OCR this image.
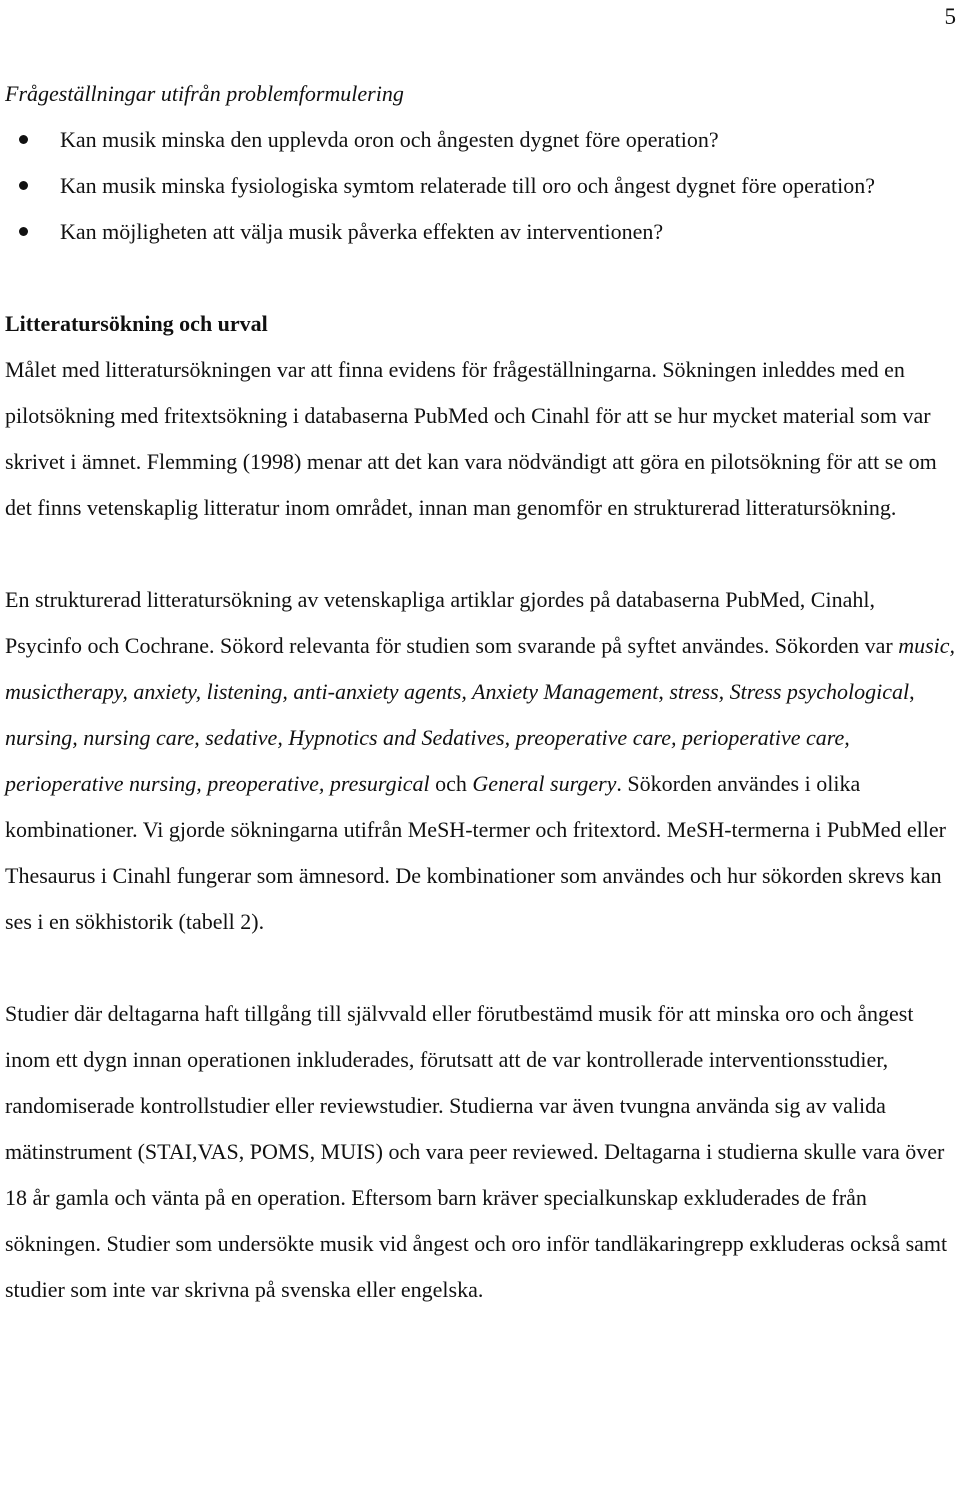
5

Frågeställningar utifrån problemformulering

Kan musik minska den upplevda oron och ångesten dygnet före operation?
Kan musik minska fysiologiska symtom relaterade till oro och ångest dygnet före operation?
Kan möjligheten att välja musik påverka effekten av interventionen?

Litteratursökning och urval

Målet med litteratursökningen var att finna evidens för frågeställningarna. Sökningen inleddes med en pilotsökning med fritextsökning i databaserna PubMed och Cinahl för att se hur mycket material som var skrivet i ämnet. Flemming (1998) menar att det kan vara nödvändigt att göra en pilotsökning för att se om det finns vetenskaplig litteratur inom området, innan man genomför en strukturerad litteratursökning.

En strukturerad litteratursökning av vetenskapliga artiklar gjordes på databaserna PubMed, Cinahl, Psycinfo och Cochrane. Sökord relevanta för studien som svarande på syftet användes. Sökorden var music, musictherapy, anxiety, listening, anti-anxiety agents, Anxiety Management, stress, Stress psychological, nursing, nursing care, sedative, Hypnotics and Sedatives, preoperative care, perioperative care, perioperative nursing, preoperative, presurgical och General surgery. Sökorden användes i olika kombinationer. Vi gjorde sökningarna utifrån MeSH-termer och fritextord. MeSH-termerna i PubMed eller Thesaurus i Cinahl fungerar som ämnesord. De kombinationer som användes och hur sökorden skrevs kan ses i en sökhistorik (tabell 2).

Studier där deltagarna haft tillgång till självvald eller förutbestämd musik för att minska oro och ångest inom ett dygn innan operationen inkluderades, förutsatt att de var kontrollerade interventionsstudier, randomiserade kontrollstudier eller reviewstudier. Studierna var även tvungna använda sig av valida mätinstrument (STAI,VAS, POMS, MUIS) och vara peer reviewed. Deltagarna i studierna skulle vara över 18 år gamla och vänta på en operation. Eftersom barn kräver specialkunskap exkluderades de från sökningen. Studier som undersökte musik vid ångest och oro inför tandläkaringrepp exkluderas också samt studier som inte var skrivna på svenska eller engelska.
